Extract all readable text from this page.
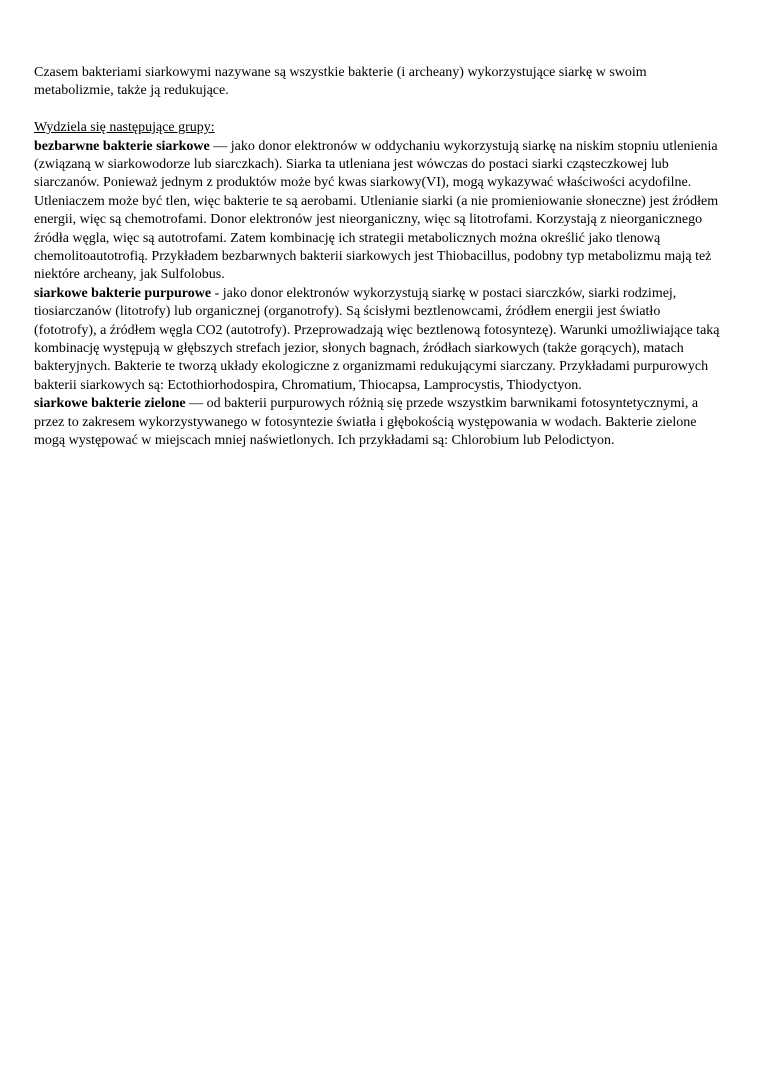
Czasem bakteriami siarkowymi nazywane są wszystkie bakterie (i archeany) wykorzystujące siarkę w swoim metabolizmie, także ją redukujące.

Wydziela się następujące grupy:

bezbarwne bakterie siarkowe — jako donor elektronów w oddychaniu wykorzystują siarkę na niskim stopniu utlenienia (związaną w siarkowodorze lub siarczkach). Siarka ta utleniana jest wówczas do postaci siarki cząsteczkowej lub siarczanów. Ponieważ jednym z produktów może być kwas siarkowy(VI), mogą wykazywać właściwości acydofilne. Utleniaczem może być tlen, więc bakterie te są aerobami. Utlenianie siarki (a nie promieniowanie słoneczne) jest źródłem energii, więc są chemotrofami. Donor elektronów jest nieorganiczny, więc są litotrofami. Korzystają z nieorganicznego źródła węgla, więc są autotrofami. Zatem kombinację ich strategii metabolicznych można określić jako tlenową chemolitoautotrofią. Przykładem bezbarwnych bakterii siarkowych jest Thiobacillus, podobny typ metabolizmu mają też niektóre archeany, jak Sulfolobus.

siarkowe bakterie purpurowe - jako donor elektronów wykorzystują siarkę w postaci siarczków, siarki rodzimej, tiosiarczanów (litotrofy) lub organicznej (organotrofy). Są ścisłymi beztlenowcami, źródłem energii jest światło (fototrofy), a źródłem węgla CO2 (autotrofy). Przeprowadzają więc beztlenową fotosyntezę). Warunki umożliwiające taką kombinację występują w głębszych strefach jezior, słonych bagnach, źródłach siarkowych (także gorących), matach bakteryjnych. Bakterie te tworzą układy ekologiczne z organizmami redukującymi siarczany. Przykładami purpurowych bakterii siarkowych są: Ectothiorhodospira, Chromatium, Thiocapsa, Lamprocystis, Thiodyctyon.

siarkowe bakterie zielone — od bakterii purpurowych różnią się przede wszystkim barwnikami fotosyntetycznymi, a przez to zakresem wykorzystywanego w fotosyntezie światła i głębokością występowania w wodach. Bakterie zielone mogą występować w miejscach mniej naświetlonych. Ich przykładami są: Chlorobium lub Pelodictyon.
